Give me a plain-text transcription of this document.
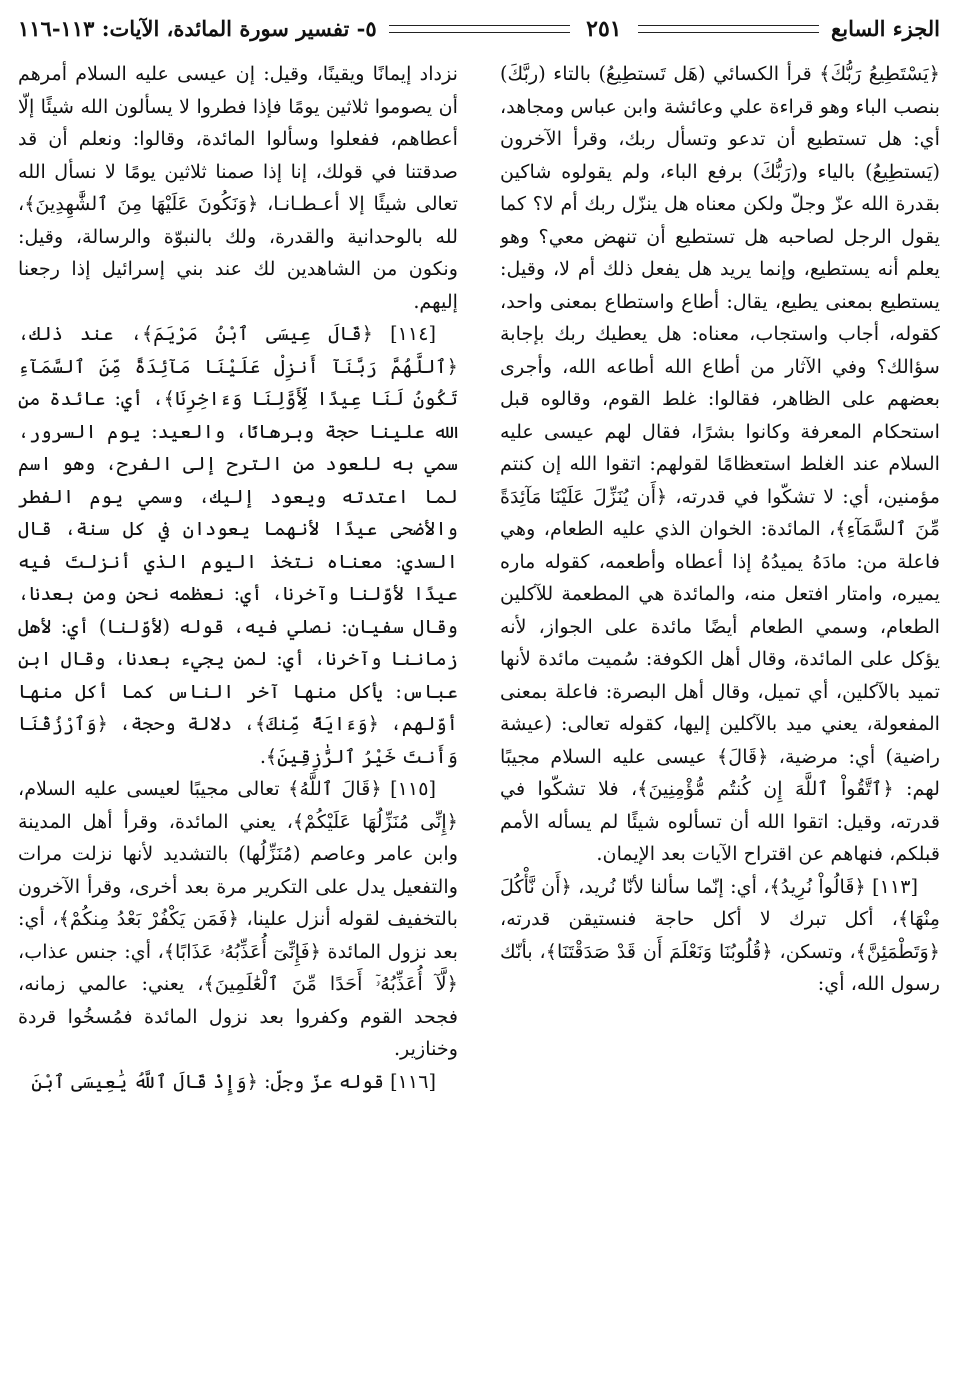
الجزء السابع
٢٥١
٥- تفسير سورة المائدة، الآيات: ١١٣-١١٦

﴿يَسْتَطِيعُ رَبُّكَ﴾ قرأ الكسائي (هَل تَستطِيعُ) بالتاء (ربَّكَ) بنصب الباء وهو قراءة علي وعائشة وابن عباس ومجاهد، أي: هل تستطيع أن تدعو وتسأل ربك، وقرأ الآخرون (يَستطِيعُ) بالياء و(رَبُّكَ) برفع الباء، ولم يقولوه شاكين بقدرة الله عزّ وجلّ ولكن معناه هل ينزّل ربك أم لا؟ كما يقول الرجل لصاحبه هل تستطيع أن تنهض معي؟ وهو يعلم أنه يستطيع، وإنما يريد هل يفعل ذلك أم لا، وقيل: يستطيع بمعنى يطيع، يقال: أطاع واستطاع بمعنى واحد، كقوله، أجاب واستجاب، معناه: هل يعطيك ربك بإجابة سؤالك؟ وفي الآثار من أطاع الله أطاعه الله، وأجرى بعضهم على الظاهر، فقالوا: غلط القوم، وقالوه قبل استحكام المعرفة وكانوا بشرًا، فقال لهم عيسى عليه السلام عند الغلط استعظامًا لقولهم: اتقوا الله إن كنتم مؤمنين، أي: لا تشكّوا في قدرته، ﴿أَن يُنَزِّلَ عَلَيْنَا مَآئِدَةً مِّنَ ٱلسَّمَآءِ﴾، المائدة: الخوان الذي عليه الطعام، وهي فاعلة من: مادَهُ يميدُهُ إذا أعطاه وأطعمه، كقوله ماره يميره، وامتار افتعل منه، والمائدة هي المطعمة للآكلين الطعام، وسمي الطعام أيضًا مائدة على الجواز، لأنه يؤكل على المائدة، وقال أهل الكوفة: سُميت مائدة لأنها تميد بالآكلين، أي تميل، وقال أهل البصرة: فاعلة بمعنى المفعولة، يعني ميد بالآكلين إليها، كقوله تعالى: (عيشة راضية) أي: مرضية، ﴿قَالَ﴾ عيسى عليه السلام مجيبًا لهم: ﴿ٱتَّقُواْ ٱللَّهَ إِن كُنتُم مُّؤْمِنِينَ﴾، فلا تشكّوا في قدرته، وقيل: اتقوا الله أن تسألوه شيئًا لم يسأله الأمم قبلكم، فنهاهم عن اقتراح الآيات بعد الإيمان.

[١١٣] ﴿قَالُواْ نُرِيدُ﴾، أي: إنّما سألنا لأنّا نُريد، ﴿أَن نَّأْكُلَ مِنْهَا﴾، أكل تبرك لا أكل حاجة فنستيقن قدرته، ﴿وَتَطْمَئِنَّ﴾، وتسكن، ﴿قُلُوبُنَا وَنَعْلَمَ أَن قَدْ صَدَقْتَنَا﴾، بأنّك رسول الله، أي:

نزداد إيمانًا ويقينًا، وقيل: إن عيسى عليه السلام أمرهم أن يصوموا ثلاثين يومًا فإذا فطروا لا يسألون الله شيئًا إلّا أعطاهم، ففعلوا وسألوا المائدة، وقالوا: ونعلم أن قد صدقتنا في قولك، إنا إذا صمنا ثلاثين يومًا لا نسأل الله تعالى شيئًا إلا أعـطـانـا، ﴿وَنَكُونَ عَلَيْهَا مِنَ ٱلشَّٰهِدِينَ﴾، لله بالوحدانية والقدرة، ولك بالنبوّة والرسالة، وقيل: ونكون من الشاهدين لك عند بني إسرائيل إذا رجعنا إليهم.

[١١٤] ﴿قَالَ عِيسَى ٱبْنُ مَرْيَمَ﴾، عند ذلك، ﴿ٱللَّهُمَّ رَبَّنَآ أَنزِلْ عَلَيْنَا مَآئِدَةً مِّنَ ٱلسَّمَآءِ تَكُونُ لَنَا عِيدًا لِّأَوَّلِنَا وَءَاخِرِنَا﴾، أي: عائدة من الله علينا حجة وبرهانًا، والعيد: يوم السرور، سمي به للعود من الترح إلى الفرح، وهو اسم لما اعتدته ويعود إليك، وسمي يوم الفطر والأضحى عيدًا لأنهما يعودان في كل سنة، قال السدي: معناه نتخذ اليوم الذي أنزلتَ فيه عيدًا لأوّلنا وآخرنا، أي: نعظمه نحن ومن بعدنا، وقال سفيان: نصلي فيه، قوله (لأوّلنا) أي: لأهل زماننا وآخرنا، أي: لمن يجيء بعدنا، وقال ابن عباس: يأكل منها آخر الناس كما أكل منها أوّلهم، ﴿وَءَايَةً مِّنكَ﴾، دلالة وحجة، ﴿وَٱرْزُقْنَا وَأَنتَ خَيْرُ ٱلرَّٰزِقِينَ﴾.

[١١٥] ﴿قَالَ ٱللَّهُ﴾ تعالى مجيبًا لعيسى عليه السلام، ﴿إِنِّى مُنَزِّلُهَا عَلَيْكُمْ﴾، يعني المائدة، وقرأ أهل المدينة وابن عامر وعاصم (مُنَزِّلُها) بالتشديد لأنها نزلت مرات والتفعيل يدل على التكرير مرة بعد أخرى، وقرأ الآخرون بالتخفيف لقوله أنزل علينا، ﴿فَمَن يَكْفُرْ بَعْدُ مِنكُمْ﴾، أي: بعد نزول المائدة ﴿فَإِنِّىٓ أُعَذِّبُهُۥ عَذَابًا﴾، أي: جنس عذاب، ﴿لَّآ أُعَذِّبُهُۥٓ أَحَدًا مِّنَ ٱلْعَٰلَمِينَ﴾، يعني: عالمي زمانه، فجحد القوم وكفروا بعد نزول المائدة فمُسخُوا قردة وخنازير.

[١١٦] قوله عزّ وجلّ: ﴿وَإِذْ قَالَ ٱللَّهُ يَٰعِيسَى ٱبْنَ
